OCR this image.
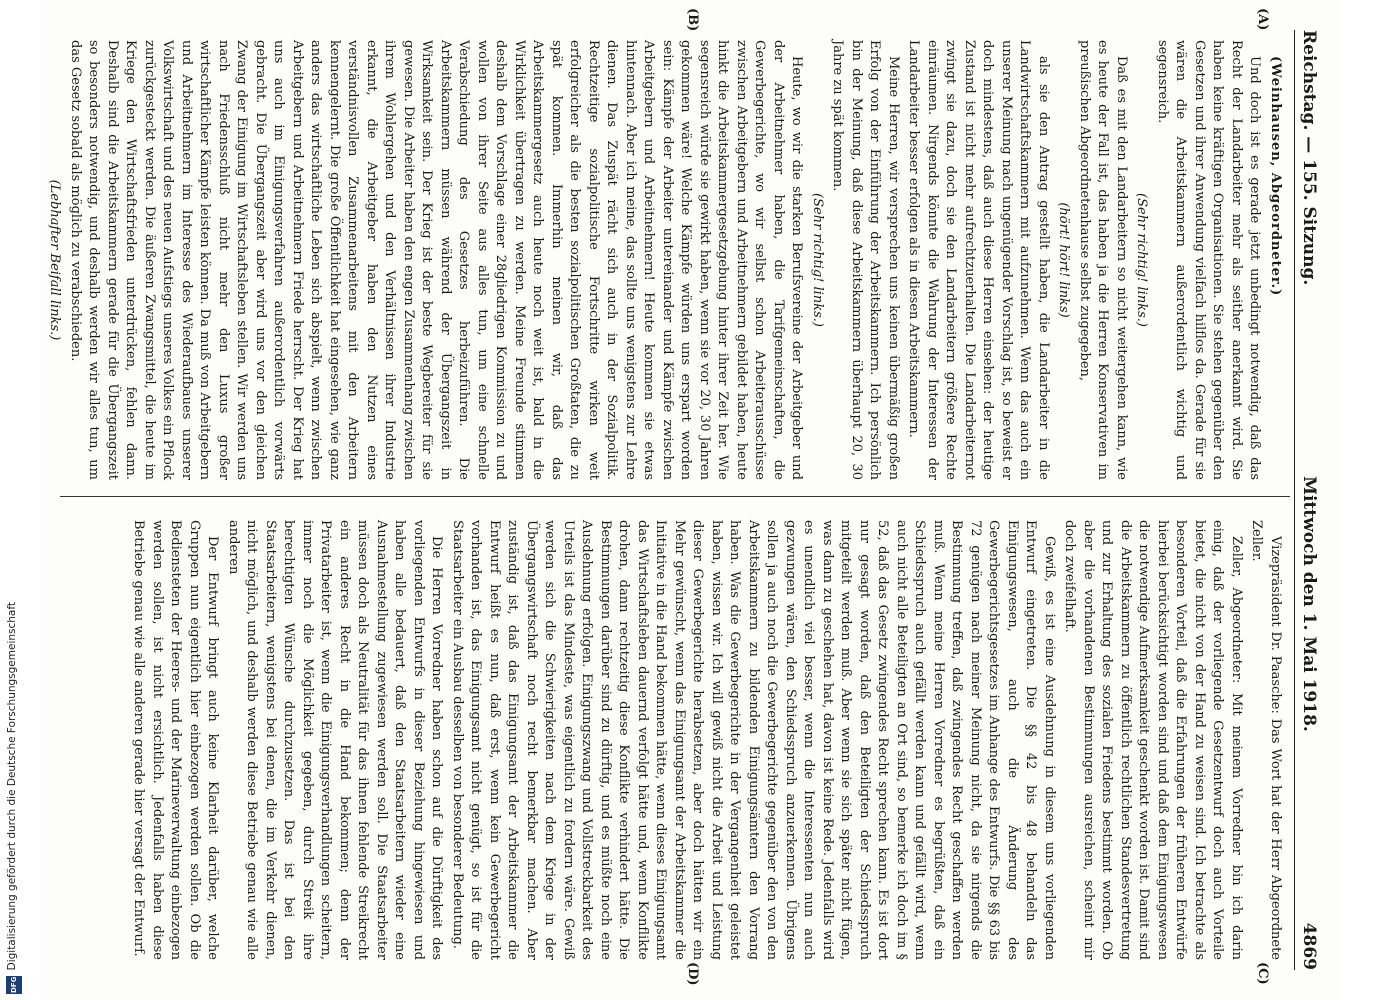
Reichstag. — 155. Sitzung.
Mittwoch den 1. Mai 1918.
4869
(A)
(B)
(C)
(D)

(Weinhausen, Abgeordneter.)

Und doch ist es gerade jetzt unbedingt notwendig, daß das Recht der Landarbeiter mehr als seither anerkannt wird. Sie haben keine kräftigen Organisationen. Sie stehen gegenüber den Gesetzen und ihrer Anwendung vielfach hilflos da. Gerade für sie wären die Arbeitskammern außerordentlich wichtig und segensreich.

(Sehr richtig! links.)

Daß es mit den Landarbeitern so nicht weitergehen kann, wie es heute der Fall ist, das haben ja die Herren Konservativen im preußischen Abgeordnetenhause selbst zugegeben,

(hört! hört! links)

als sie den Antrag gestellt haben, die Landarbeiter in die Landwirtschaftskammern mit aufzunehmen. Wenn das auch ein unserer Meinung nach ungenügender Vorschlag ist, so beweist er doch mindestens, daß auch diese Herren einsehen: der heutige Zustand ist nicht mehr aufrechtzuerhalten. Die Landarbeiternot zwingt sie dazu, doch sie den Landarbeitern größere Rechte einräumen. Nirgends könnte die Wahrung der Interessen der Landarbeiter besser erfolgen als in diesen Arbeitskammern.

Meine Herren, wir versprechen uns keinen übermäßig großen Erfolg von der Einführung der Arbeitskammern. Ich persönlich bin der Meinung, daß diese Arbeitskammern überhaupt 20, 30 Jahre zu spät kommen.

(Sehr richtig! links.)

Heute, wo wir die starken Berufsvereine der Arbeitgeber und der Arbeitnehmer haben, die Tarifgemeinschaften, die Gewerbegerichte, wo wir selbst schon Arbeiterausschüsse zwischen Arbeitgebern und Arbeitnehmern gebildet haben, heute hinkt die Arbeitskammergesetzgebung hinter ihrer Zeit her. Wie segensreich würde sie gewirkt haben, wenn sie vor 20, 30 Jahren gekommen wäre! Welche Kämpfe würden uns erspart worden sein: Kämpfe der Arbeiter untereinander und Kämpfe zwischen Arbeitgebern und Arbeitnehmern! Heute kommen sie etwas hintennach. Aber ich meine, das sollte uns wenigstens zur Lehre dienen. Das Zuspät rächt sich auch in der Sozialpolitik. Rechtzeitige sozialpolitische Fortschritte wirken weit erfolgreicher als die besten sozialpolitischen Großtaten, die zu spät kommen. Immerhin meinen wir, daß das Arbeitskammergesetz auch heute noch weit ist, bald in die Wirklichkeit übertragen zu werden. Meine Freunde stimmen deshalb dem Vorschlage einer 28gliedrigen Kommission zu und wollen von ihrer Seite aus alles tun, um eine schnelle Verabschiedung des Gesetzes herbeizuführen. Die Arbeitskammern müssen während der Übergangszeit in Wirksamkeit sein. Der Krieg ist der beste Wegbereiter für sie gewesen. Die Arbeiter haben den engen Zusammenhang zwischen ihrem Wohlergehen und den Verhältnissen ihrer Industrie erkannt, die Arbeitgeber haben den Nutzen eines verständnisvollen Zusammenarbeitens mit den Arbeitern kennengelernt. Die große Öffentlichkeit hat eingesehen, wie ganz anders das wirtschaftliche Leben sich abspielt, wenn zwischen Arbeitgebern und Arbeitnehmern Friede herrscht. Der Krieg hat uns auch im Einigungsverfahren außerordentlich vorwärts gebracht. Die Übergangszeit aber wird uns vor den gleichen Zwang der Einigung im Wirtschaftsleben stellen. Wir werden uns nach Friedensschluß nicht mehr den Luxus großer wirtschaftlicher Kämpfe leisten können. Da muß von Arbeitgebern und Arbeitnehmern im Interesse des Wiederaufbaues unserer Volkswirtschaft und des neuen Aufstiegs unseres Volkes ein Pflock zurückgesteckt werden. Die äußeren Zwangsmittel, die heute im Kriege den Wirtschaftsfrieden unterdrücken, fehlen dann. Deshalb sind die Arbeitskammern gerade für die Übergangszeit so besonders notwendig, und deshalb werden wir alles tun, um das Gesetz sobald als möglich zu verabschieden.

(Lebhafter Beifall links.)

Vizepräsident Dr. Paasche: Das Wort hat der Herr Abgeordnete Zeller.

Zeller, Abgeordneter: Mit meinem Vorredner bin ich darin einig, daß der vorliegende Gesetzentwurf doch auch Vorteile bietet, die nicht von der Hand zu weisen sind. Ich betrachte als besonderen Vorteil, daß die Erfahrungen der früheren Entwürfe hierbei berücksichtigt worden sind und daß dem Einigungswesen die notwendige Aufmerksamkeit geschenkt worden ist. Damit sind die Arbeitskammern zu öffentlich rechtlichen Standesvertretung und zur Erhaltung des sozialen Friedens bestimmt worden. Ob aber die vorhandenen Bestimmungen ausreichen, scheint mir doch zweifelhaft.

Gewiß, es ist eine Ausdehnung in diesem uns vorliegenden Entwurf eingetreten. Die §§ 42 bis 48 behandeln das Einigungswesen, auch die Änderung des Gewerbegerichtsgesetzes im Anhange des Entwurfs. Die §§ 63 bis 72 genügen nach meiner Meinung nicht, da sie nirgends die Bestimmung treffen, daß zwingendes Recht geschaffen werden muß. Wenn meine Herren Vorredner es begrüßten, daß ein Schiedsspruch auch gefällt werden kann und gefällt wird, wenn auch nicht alle Beteiligten an Ort sind, so bemerke ich doch im § 52, daß das Gesetz zwingendes Recht sprechen kann. Es ist dort nur gesagt worden, daß den Beteiligten der Schiedsspruch mitgeteilt werden muß. Aber wenn sie sich später nicht fügen, was dann zu geschehen hat, davon ist keine Rede. Jedenfalls wird es unendlich viel besser, wenn die Interessenten nun auch gezwungen wären, den Schiedsspruch anzuerkennen. Übrigens sollen ja auch noch die Gewerbegerichte gegenüber den von den Arbeitskammern zu bildenden Einigungsämtern den Vorrang haben. Was die Gewerbegerichte in der Vergangenheit geleistet haben, wissen wir. Ich will gewiß nicht die Arbeit und Leistung dieser Gewerbegerichte herabsetzen, aber doch hätten wir ein Mehr gewünscht, wenn das Einigungsamt der Arbeitskammer die Initiative in die Hand bekommen hätte, wenn dieses Einigungsamt das Wirtschaftsleben dauernd verfolgt hätte und, wenn Konflikte drohen, dann rechtzeitig diese Konflikte verhindert hätte. Die Bestimmungen darüber sind zu dürftig, und es müßte noch eine Ausdehnung erfolgen. Einigungszwang und Vollstreckbarkeit des Urteils ist das Mindeste, was eigentlich zu fordern wäre. Gewiß werden sich die Schwierigkeiten nach dem Kriege in der Übergangswirtschaft noch recht bemerkbar machen. Aber zuständig ist, daß das Einigungsamt der Arbeitskammer die Entwurf heißt es nun, daß erst, wenn kein Gewerbegericht vorhanden ist, das Einigungsamt nicht genügt, so ist für die Staatsarbeiter ein Ausbau desselben von besonderer Bedeutung.

Die Herren Vorredner haben schon auf die Dürftigkeit des vorliegenden Entwurfs in dieser Beziehung hingewiesen und haben alle bedauert, daß den Staatsarbeitern wieder eine Ausnahmestellung zugewiesen werden soll. Die Staatsarbeiter müssen doch als Neutralität für das ihnen fehlende Streikrecht ein anderes Recht in die Hand bekommen; denn der Privatarbeiter ist, wenn die Einigungsverhandlungen scheitern, immer noch die Möglichkeit gegeben, durch Streik ihre berechtigten Wünsche durchzusetzen. Das ist bei den Staatsarbeitern, wenigstens bei denen, die im Verkehr dienen, nicht möglich, und deshalb werden diese Betriebe genau wie alle anderen

Der Entwurf bringt auch keine Klarheit darüber, welche Gruppen nun eigentlich hier einbezogen werden sollen. Ob die Bediensteten der Heeres- und der Marineverwaltung einbezogen werden sollen, ist nicht ersichtlich. Jedenfalls haben diese Betriebe genau wie alle anderen gerade hier versagt der Entwurf.

Digitalisierung gefördert durch die Deutsche Forschungsgemeinschaft
DFG
